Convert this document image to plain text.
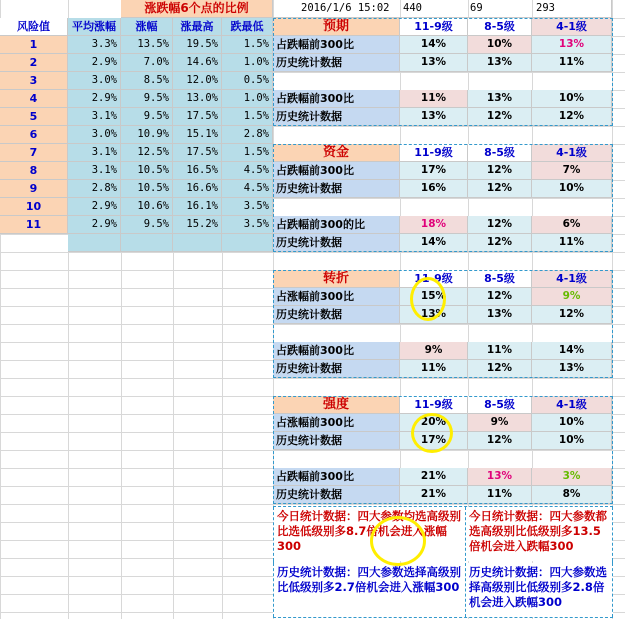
涨跌幅6个点的比例	2016/1/6 15:02	440	69	293
风险值	平均涨幅	涨幅	涨最高	跌最低
1	3.3%	13.5%	19.5%	1.5%
2	2.9%	7.0%	14.6%	1.0%
3	3.0%	8.5%	12.0%	0.5%
4	2.9%	9.5%	13.0%	1.0%
5	3.1%	9.5%	17.5%	1.5%
6	3.0%	10.9%	15.1%	2.8%
7	3.1%	12.5%	17.5%	1.5%
8	3.1%	10.5%	16.5%	4.5%
9	2.8%	10.5%	16.6%	4.5%
10	2.9%	10.6%	16.1%	3.5%
11	2.9%	9.5%	15.2%	3.5%
预期	11-9级	8-5级	4-1级
占跌幅前300比	14%	10%	13%
历史统计数据	13%	13%	11%
占跌幅前300比	11%	13%	10%
历史统计数据	13%	12%	12%
资金	11-9级	8-5级	4-1级
占跌幅前300比	17%	12%	7%
历史统计数据	16%	12%	10%
占跌幅前300的比	18%	12%	6%
历史统计数据	14%	12%	11%
转折	11-9级	8-5级	4-1级
占涨幅前300比	15%	12%	9%
历史统计数据	13%	13%	12%
占跌幅前300比	9%	11%	14%
历史统计数据	11%	12%	13%
强度	11-9级	8-5级	4-1级
占涨幅前300比	20%	9%	10%
历史统计数据	17%	12%	10%
占跌幅前300比	21%	13%	3%
历史统计数据	21%	11%	8%
今日统计数据：四大参数均选高级别比选低级别多8.7倍机会进入涨幅300
今日统计数据：四大参数都选高级别比低级别多13.5倍机会进入跌幅300
历史统计数据：四大参数选择高级别比低级别多2.7倍机会进入涨幅300
历史统计数据：四大参数选择高级别比低级别多2.8倍机会进入跌幅300
